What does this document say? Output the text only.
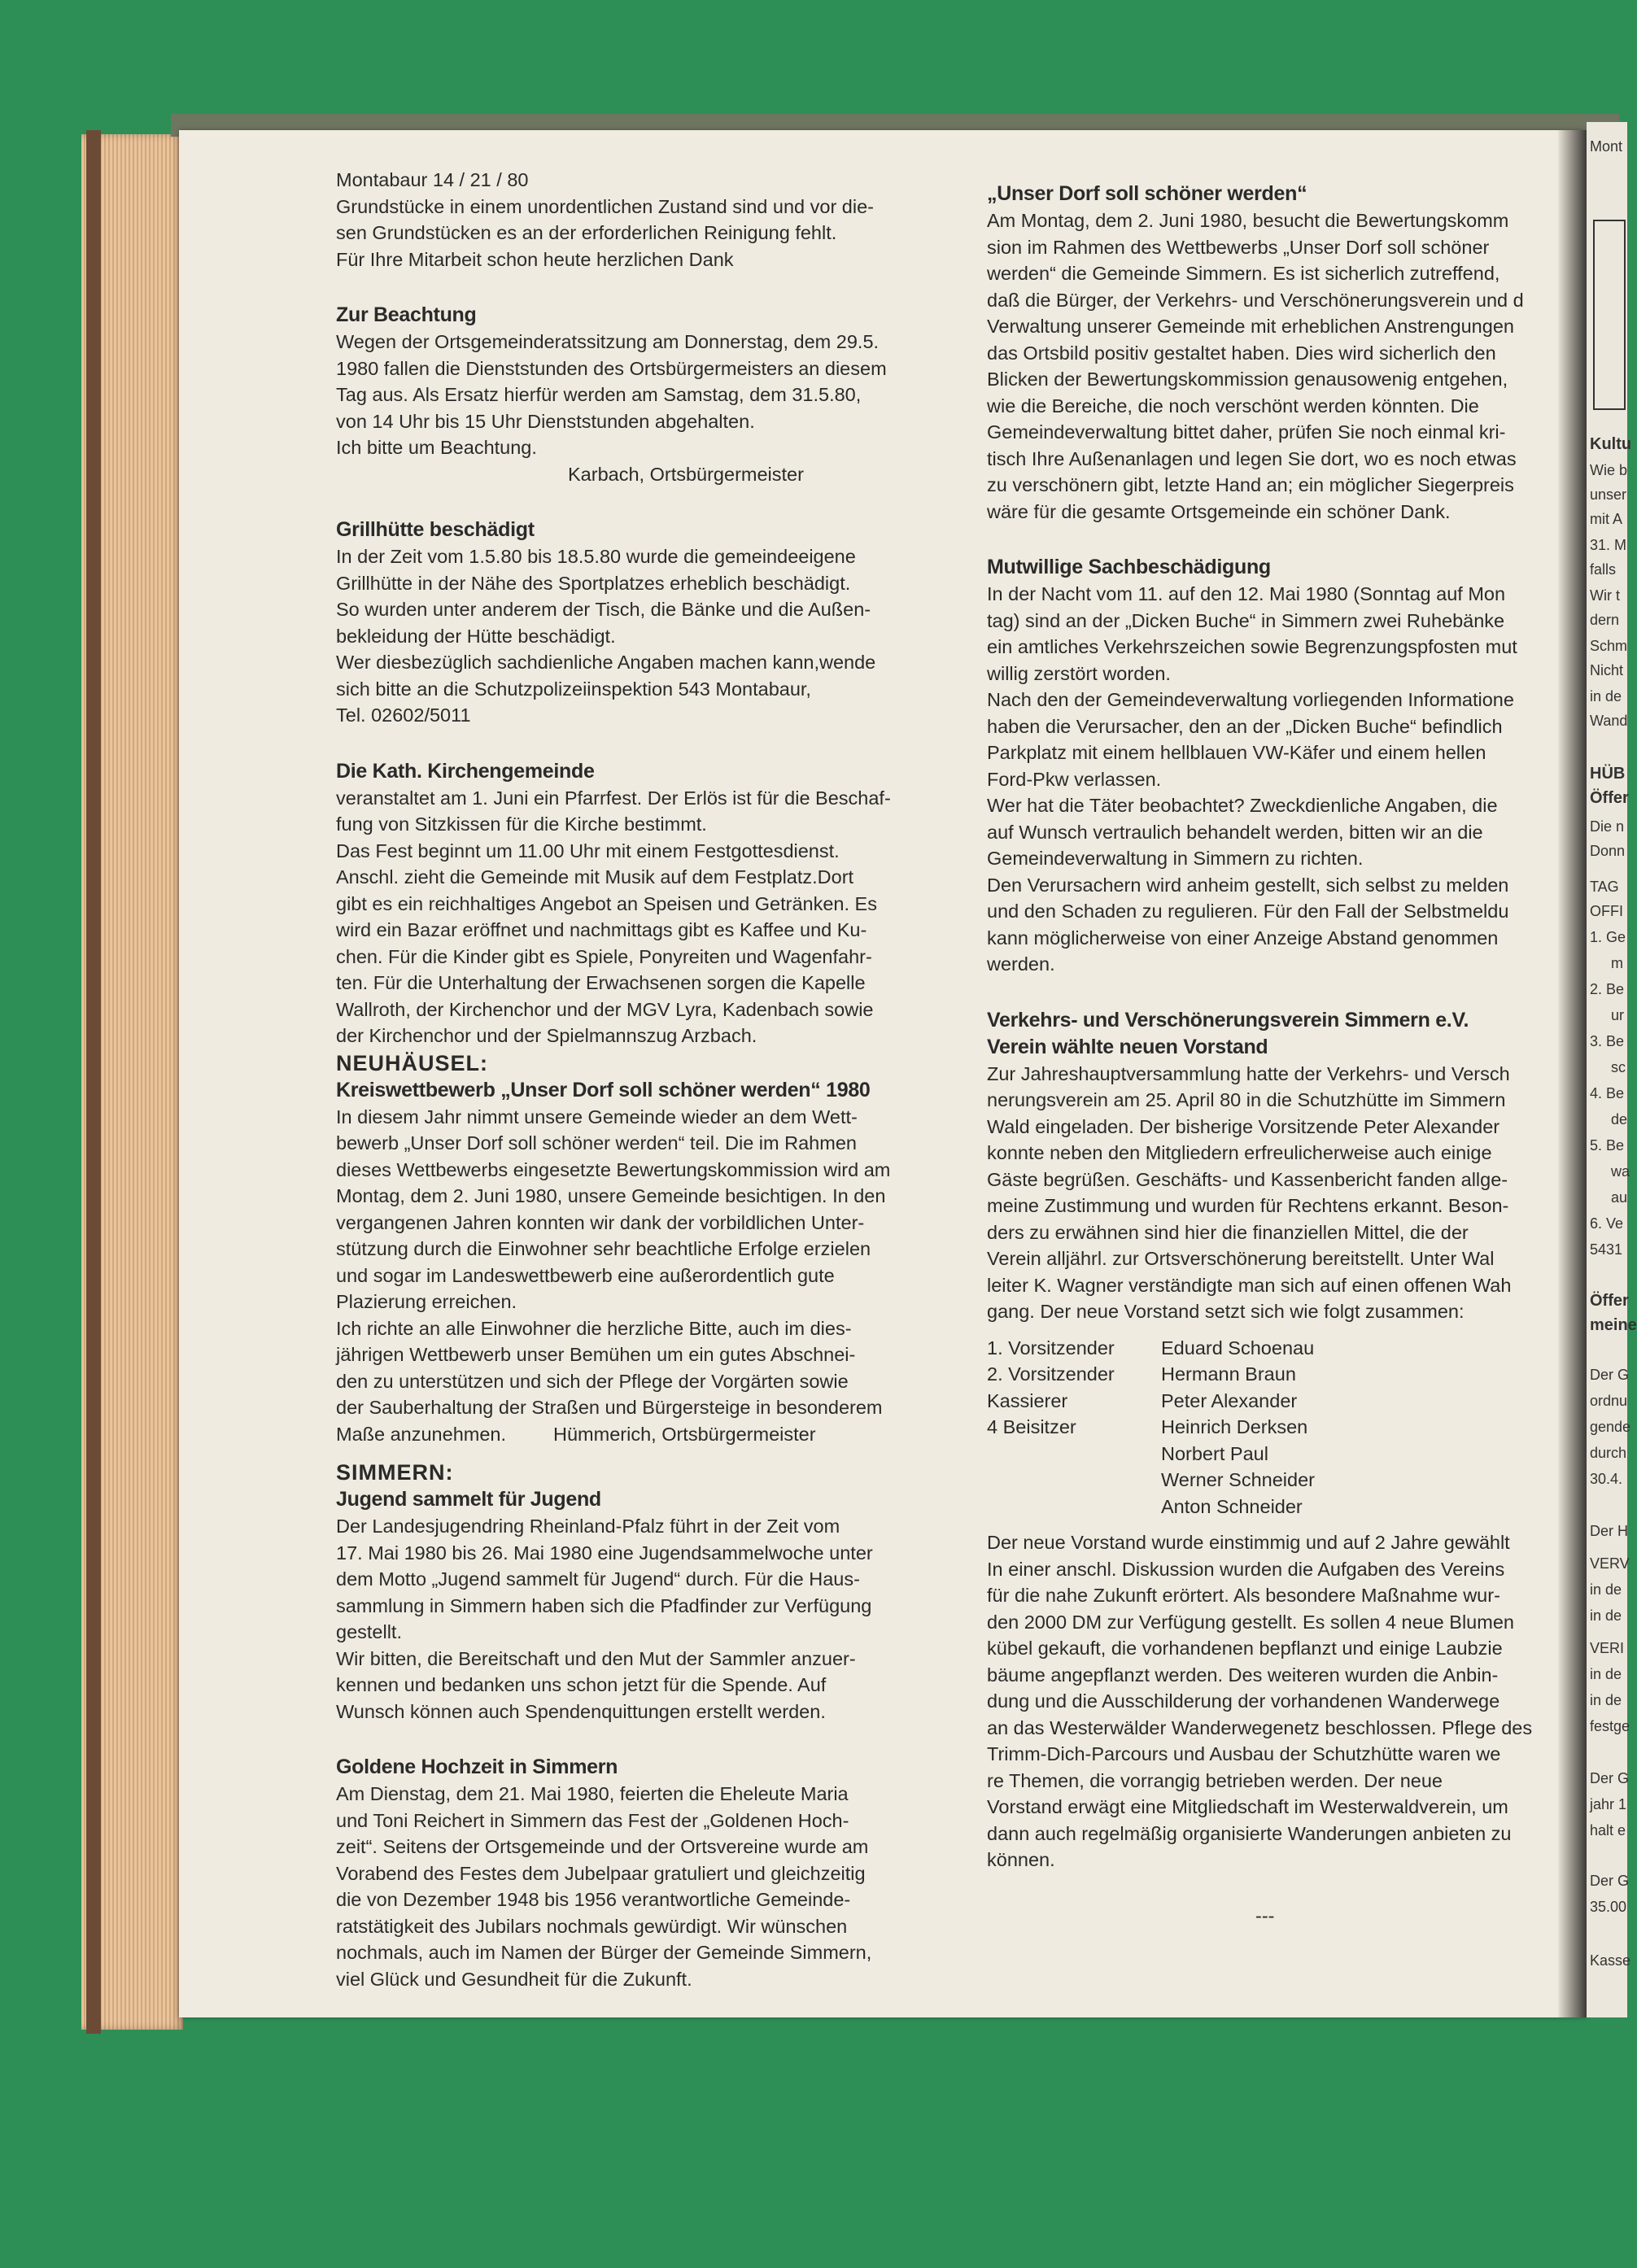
Mont
Kultu
Wie b
unser
mit A
31. M
falls
Wir t
dern
Schm
Nicht
in de
Wand
HÜB
Öffer
Die n
Donn
TAG
OFFI
1. Ge
m
2. Be
ur
3. Be
sc
4. Be
de
5. Be
wa
au
6. Ve
5431
Öffer
meine
Der G
ordnu
gende
durch
30.4.
Der H
VERV
in de
in de
VERI
in de
in de
festge
Der G
jahr 1
halt e
Der G
35.00
Kasse

Montabaur 14 / 21 / 80

Grundstücke in einem unordentlichen Zustand sind und vor die-

sen Grundstücken es an der erforderlichen Reinigung fehlt.

Für Ihre Mitarbeit schon heute herzlichen Dank

Zur Beachtung

Wegen der Ortsgemeinderatssitzung am Donnerstag, dem 29.5.

1980 fallen die Dienststunden des Ortsbürgermeisters an diesem

Tag aus. Als Ersatz hierfür werden am Samstag, dem 31.5.80,

von 14 Uhr bis 15 Uhr Dienststunden abgehalten.

Ich bitte um Beachtung.

Karbach, Ortsbürgermeister

Grillhütte beschädigt

In der Zeit vom 1.5.80 bis 18.5.80 wurde die gemeindeeigene

Grillhütte in der Nähe des Sportplatzes erheblich beschädigt.

So wurden unter anderem der Tisch, die Bänke und die Außen-

bekleidung der Hütte beschädigt.

Wer diesbezüglich sachdienliche Angaben machen kann,wende

sich bitte an die Schutzpolizeiinspektion 543 Montabaur,

Tel. 02602/5011

Die Kath. Kirchengemeinde

veranstaltet am 1. Juni ein Pfarrfest. Der Erlös ist für die Beschaf-

fung von Sitzkissen für die Kirche bestimmt.

Das Fest beginnt um 11.00 Uhr mit einem Festgottesdienst.

Anschl. zieht die Gemeinde mit Musik auf dem Festplatz.Dort

gibt es ein reichhaltiges Angebot an Speisen und Getränken. Es

wird ein Bazar eröffnet und nachmittags gibt es Kaffee und Ku-

chen. Für die Kinder gibt es Spiele, Ponyreiten und Wagenfahr-

ten. Für die Unterhaltung der Erwachsenen sorgen die Kapelle

Wallroth, der Kirchenchor und der MGV Lyra, Kadenbach sowie

der Kirchenchor und der Spielmannszug Arzbach.

NEUHÄUSEL:
Kreiswettbewerb „Unser Dorf soll schöner werden“ 1980

In diesem Jahr nimmt unsere Gemeinde wieder an dem Wett-

bewerb „Unser Dorf soll schöner werden“ teil. Die im Rahmen

dieses Wettbewerbs eingesetzte Bewertungskommission wird am

Montag, dem 2. Juni 1980, unsere Gemeinde besichtigen. In den

vergangenen Jahren konnten wir dank der vorbildlichen Unter-

stützung durch die Einwohner sehr beachtliche Erfolge erzielen

und sogar im Landeswettbewerb eine außerordentlich gute

Plazierung erreichen.

Ich richte an alle Einwohner die herzliche Bitte, auch im dies-

jährigen Wettbewerb unser Bemühen um ein gutes Abschnei-

den zu unterstützen und sich der Pflege der Vorgärten sowie

der Sauberhaltung der Straßen und Bürgersteige in besonderem

Maße anzunehmen. Hümmerich, Ortsbürgermeister

SIMMERN:
Jugend sammelt für Jugend

Der Landesjugendring Rheinland-Pfalz führt in der Zeit vom

17. Mai 1980 bis 26. Mai 1980 eine Jugendsammelwoche unter

dem Motto „Jugend sammelt für Jugend“ durch. Für die Haus-

sammlung in Simmern haben sich die Pfadfinder zur Verfügung

gestellt.

Wir bitten, die Bereitschaft und den Mut der Sammler anzuer-

kennen und bedanken uns schon jetzt für die Spende. Auf

Wunsch können auch Spendenquittungen erstellt werden.

Goldene Hochzeit in Simmern

Am Dienstag, dem 21. Mai 1980, feierten die Eheleute Maria

und Toni Reichert in Simmern das Fest der „Goldenen Hoch-

zeit“. Seitens der Ortsgemeinde und der Ortsvereine wurde am

Vorabend des Festes dem Jubelpaar gratuliert und gleichzeitig

die von Dezember 1948 bis 1956 verantwortliche Gemeinde-

ratstätigkeit des Jubilars nochmals gewürdigt. Wir wünschen

nochmals, auch im Namen der Bürger der Gemeinde Simmern,

viel Glück und Gesundheit für die Zukunft.

„Unser Dorf soll schöner werden“

Am Montag, dem 2. Juni 1980, besucht die Bewertungskomm

sion im Rahmen des Wettbewerbs „Unser Dorf soll schöner

werden“ die Gemeinde Simmern. Es ist sicherlich zutreffend,

daß die Bürger, der Verkehrs- und Verschönerungsverein und d

Verwaltung unserer Gemeinde mit erheblichen Anstrengungen

das Ortsbild positiv gestaltet haben. Dies wird sicherlich den

Blicken der Bewertungskommission genausowenig entgehen,

wie die Bereiche, die noch verschönt werden könnten. Die

Gemeindeverwaltung bittet daher, prüfen Sie noch einmal kri-

tisch Ihre Außenanlagen und legen Sie dort, wo es noch etwas

zu verschönern gibt, letzte Hand an; ein möglicher Siegerpreis

wäre für die gesamte Ortsgemeinde ein schöner Dank.

Mutwillige Sachbeschädigung

In der Nacht vom 11. auf den 12. Mai 1980 (Sonntag auf Mon

tag) sind an der „Dicken Buche“ in Simmern zwei Ruhebänke

ein amtliches Verkehrszeichen sowie Begrenzungspfosten mut

willig zerstört worden.

Nach den der Gemeindeverwaltung vorliegenden Informatione

haben die Verursacher, den an der „Dicken Buche“ befindlich

Parkplatz mit einem hellblauen VW-Käfer und einem hellen

Ford-Pkw verlassen.

Wer hat die Täter beobachtet? Zweckdienliche Angaben, die

auf Wunsch vertraulich behandelt werden, bitten wir an die

Gemeindeverwaltung in Simmern zu richten.

Den Verursachern wird anheim gestellt, sich selbst zu melden

und den Schaden zu regulieren. Für den Fall der Selbstmeldu

kann möglicherweise von einer Anzeige Abstand genommen

werden.

Verkehrs- und Verschönerungsverein Simmern e.V.
Verein wählte neuen Vorstand

Zur Jahreshauptversammlung hatte der Verkehrs- und Versch

nerungsverein am 25. April 80 in die Schutzhütte im Simmern

Wald eingeladen. Der bisherige Vorsitzende Peter Alexander

konnte neben den Mitgliedern erfreulicherweise auch einige

Gäste begrüßen. Geschäfts- und Kassenbericht fanden allge-

meine Zustimmung und wurden für Rechtens erkannt. Beson-

ders zu erwähnen sind hier die finanziellen Mittel, die der

Verein alljährl. zur Ortsverschönerung bereitstellt. Unter Wal

leiter K. Wagner verständigte man sich auf einen offenen Wah

gang. Der neue Vorstand setzt sich wie folgt zusammen:

1. Vorsitzender	Eduard Schoenau
2. Vorsitzender	Hermann Braun
Kassierer	Peter Alexander
4 Beisitzer	Heinrich Derksen
	Norbert Paul
	Werner Schneider
	Anton Schneider

Der neue Vorstand wurde einstimmig und auf 2 Jahre gewählt

In einer anschl. Diskussion wurden die Aufgaben des Vereins

für die nahe Zukunft erörtert. Als besondere Maßnahme wur-

den 2000 DM zur Verfügung gestellt. Es sollen 4 neue Blumen

kübel gekauft, die vorhandenen bepflanzt und einige Laubzie

bäume angepflanzt werden. Des weiteren wurden die Anbin-

dung und die Ausschilderung der vorhandenen Wanderwege

an das Westerwälder Wanderwegenetz beschlossen. Pflege des

Trimm-Dich-Parcours und Ausbau der Schutzhütte waren we

re Themen, die vorrangig betrieben werden. Der neue

Vorstand erwägt eine Mitgliedschaft im Westerwaldverein, um

dann auch regelmäßig organisierte Wanderungen anbieten zu

können.

---
